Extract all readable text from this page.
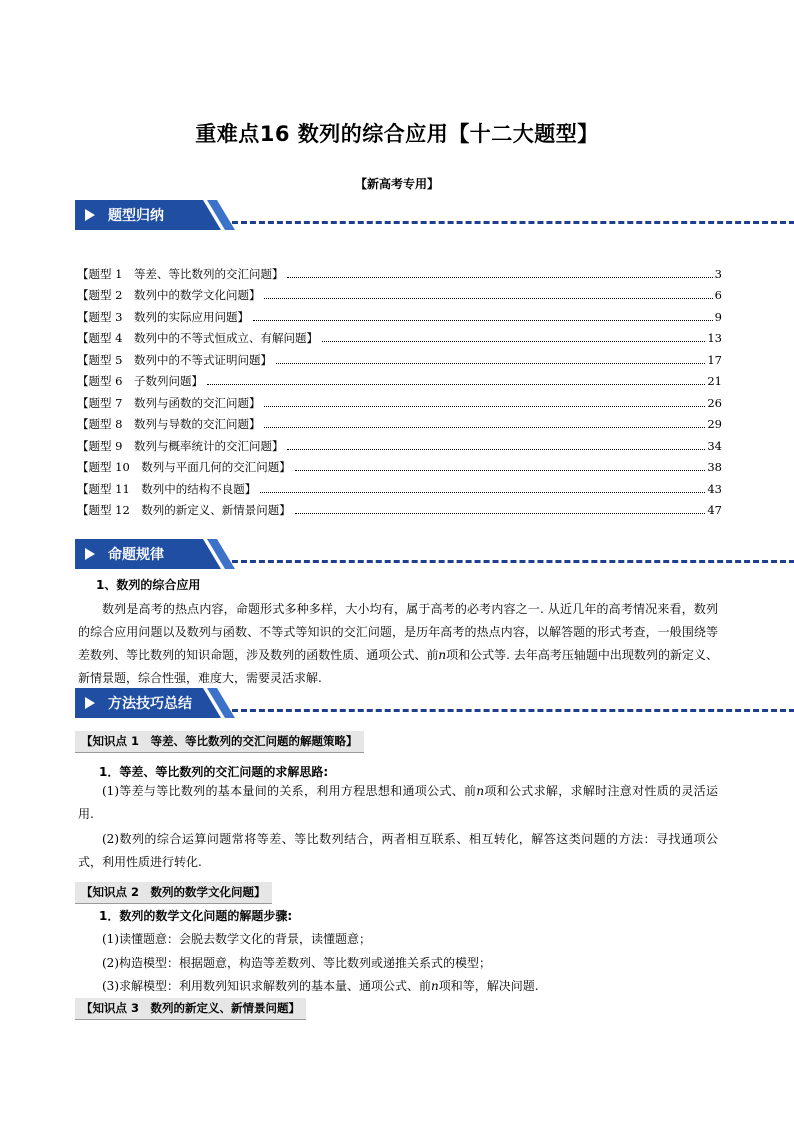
重难点16 数列的综合应用【十二大题型】
【新高考专用】
题型归纳
【题型 1　等差、等比数列的交汇问题】	3
【题型 2　数列中的数学文化问题】	6
【题型 3　数列的实际应用问题】	9
【题型 4　数列中的不等式恒成立、有解问题】	13
【题型 5　数列中的不等式证明问题】	17
【题型 6　子数列问题】	21
【题型 7　数列与函数的交汇问题】	26
【题型 8　数列与导数的交汇问题】	29
【题型 9　数列与概率统计的交汇问题】	34
【题型 10　数列与平面几何的交汇问题】	38
【题型 11　数列中的结构不良题】	43
【题型 12　数列的新定义、新情景问题】	47
命题规律
1、数列的综合应用

数列是高考的热点内容，命题形式多种多样，大小均有，属于高考的必考内容之一. 从近几年的高考情况来看，数列的综合应用问题以及数列与函数、不等式等知识的交汇问题，是历年高考的热点内容，以解答题的形式考查，一般围绕等差数列、等比数列的知识命题，涉及数列的函数性质、通项公式、前n项和公式等. 去年高考压轴题中出现数列的新定义、新情景题，综合性强，难度大，需要灵活求解.

方法技巧总结
【知识点 1　等差、等比数列的交汇问题的解题策略】
1．等差、等比数列的交汇问题的求解思路:

(1)等差与等比数列的基本量间的关系，利用方程思想和通项公式、前n项和公式求解，求解时注意对性质的灵活运用.

(2)数列的综合运算问题常将等差、等比数列结合，两者相互联系、相互转化，解答这类问题的方法：寻找通项公式，利用性质进行转化.

【知识点 2　数列的数学文化问题】
1．数列的数学文化问题的解题步骤:
(1)读懂题意：会脱去数学文化的背景，读懂题意；
(2)构造模型：根据题意，构造等差数列、等比数列或递推关系式的模型；
(3)求解模型：利用数列知识求解数列的基本量、通项公式、前n项和等，解决问题.
【知识点 3　数列的新定义、新情景问题】
